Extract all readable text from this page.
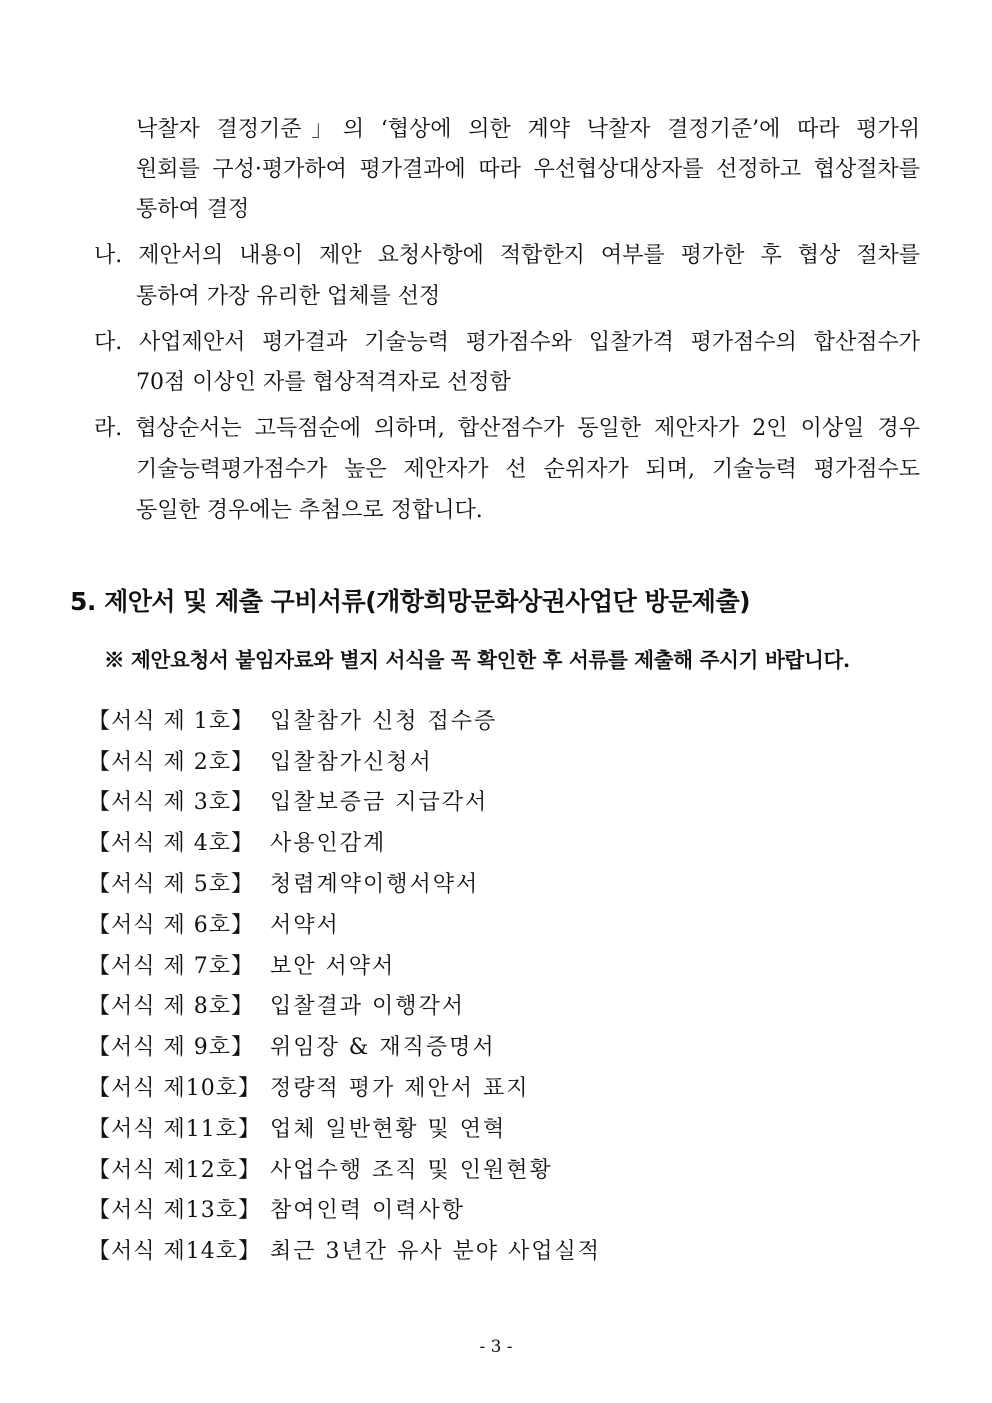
낙찰자 결정기준」의 ‘협상에 의한 계약 낙찰자 결정기준’에 따라 평가위
원회를 구성·평가하여 평가결과에 따라 우선협상대상자를 선정하고 협상절차를
통하여 결정
나. 제안서의 내용이 제안 요청사항에 적합한지 여부를 평가한 후 협상 절차를
통하여 가장 유리한 업체를 선정
다. 사업제안서 평가결과 기술능력 평가점수와 입찰가격 평가점수의 합산점수가
70점 이상인 자를 협상적격자로 선정함
라. 협상순서는 고득점순에 의하며, 합산점수가 동일한 제안자가 2인 이상일 경우
기술능력평가점수가 높은 제안자가 선 순위자가 되며, 기술능력 평가점수도
동일한 경우에는 추첨으로 정합니다.
5. 제안서 및 제출 구비서류(개항희망문화상권사업단 방문제출)
※ 제안요청서 붙임자료와 별지 서식을 꼭 확인한 후 서류를 제출해 주시기 바랍니다.
【서식 제 1호】 입찰참가 신청 접수증
【서식 제 2호】 입찰참가신청서
【서식 제 3호】 입찰보증금 지급각서
【서식 제 4호】 사용인감계
【서식 제 5호】 청렴계약이행서약서
【서식 제 6호】 서약서
【서식 제 7호】 보안 서약서
【서식 제 8호】 입찰결과 이행각서
【서식 제 9호】 위임장 & 재직증명서
【서식 제10호】 정량적 평가 제안서 표지
【서식 제11호】 업체 일반현황 및 연혁
【서식 제12호】 사업수행 조직 및 인원현황
【서식 제13호】 참여인력 이력사항
【서식 제14호】 최근 3년간 유사 분야 사업실적
- 3 -
